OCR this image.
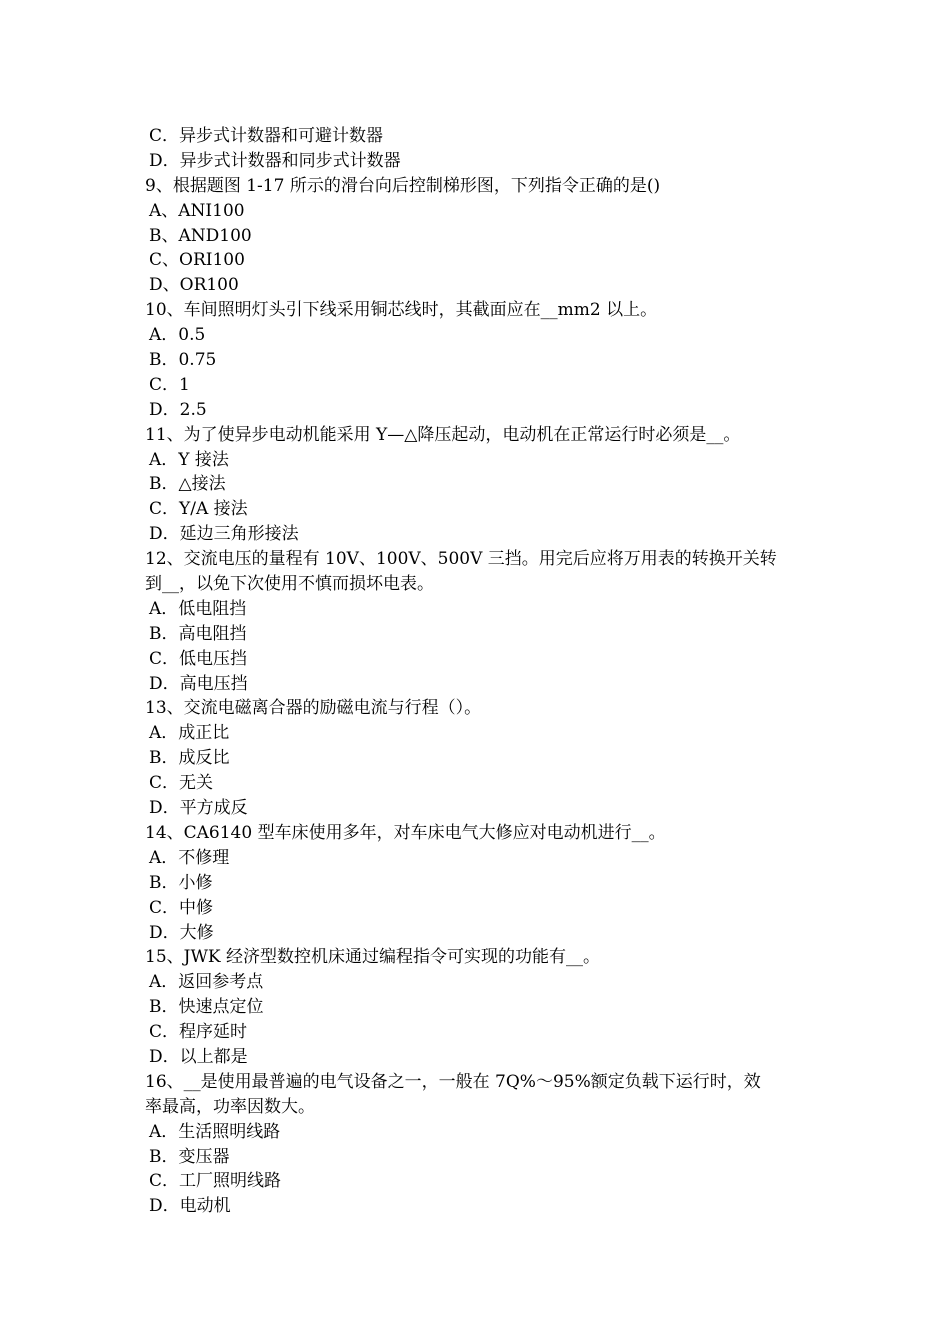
C．异步式计数器和可避计数器
D．异步式计数器和同步式计数器
9、根据题图 1-17 所示的滑台向后控制梯形图，下列指令正确的是()
A、ANI100
B、AND100
C、ORI100
D、OR100
10、车间照明灯头引下线采用铜芯线时，其截面应在__mm2 以上。
A．0.5
B．0.75
C．1
D．2.5
11、为了使异步电动机能采用 Y—△降压起动，电动机在正常运行时必须是__。
A．Y 接法
B．△接法
C．Y/A 接法
D．延边三角形接法
12、交流电压的量程有 10V、100V、500V 三挡。用完后应将万用表的转换开关转
到__，以免下次使用不慎而损坏电表。
A．低电阻挡
B．高电阻挡
C．低电压挡
D．高电压挡
13、交流电磁离合器的励磁电流与行程（）。
A．成正比
B．成反比
C．无关
D．平方成反
14、CA6140 型车床使用多年，对车床电气大修应对电动机进行__。
A．不修理
B．小修
C．中修
D．大修
15、JWK 经济型数控机床通过编程指令可实现的功能有__。
A．返回参考点
B．快速点定位
C．程序延时
D．以上都是
16、__是使用最普遍的电气设备之一，一般在 7Q%～95%额定负载下运行时，效
率最高，功率因数大。
A．生活照明线路
B．变压器
C．工厂照明线路
D．电动机
